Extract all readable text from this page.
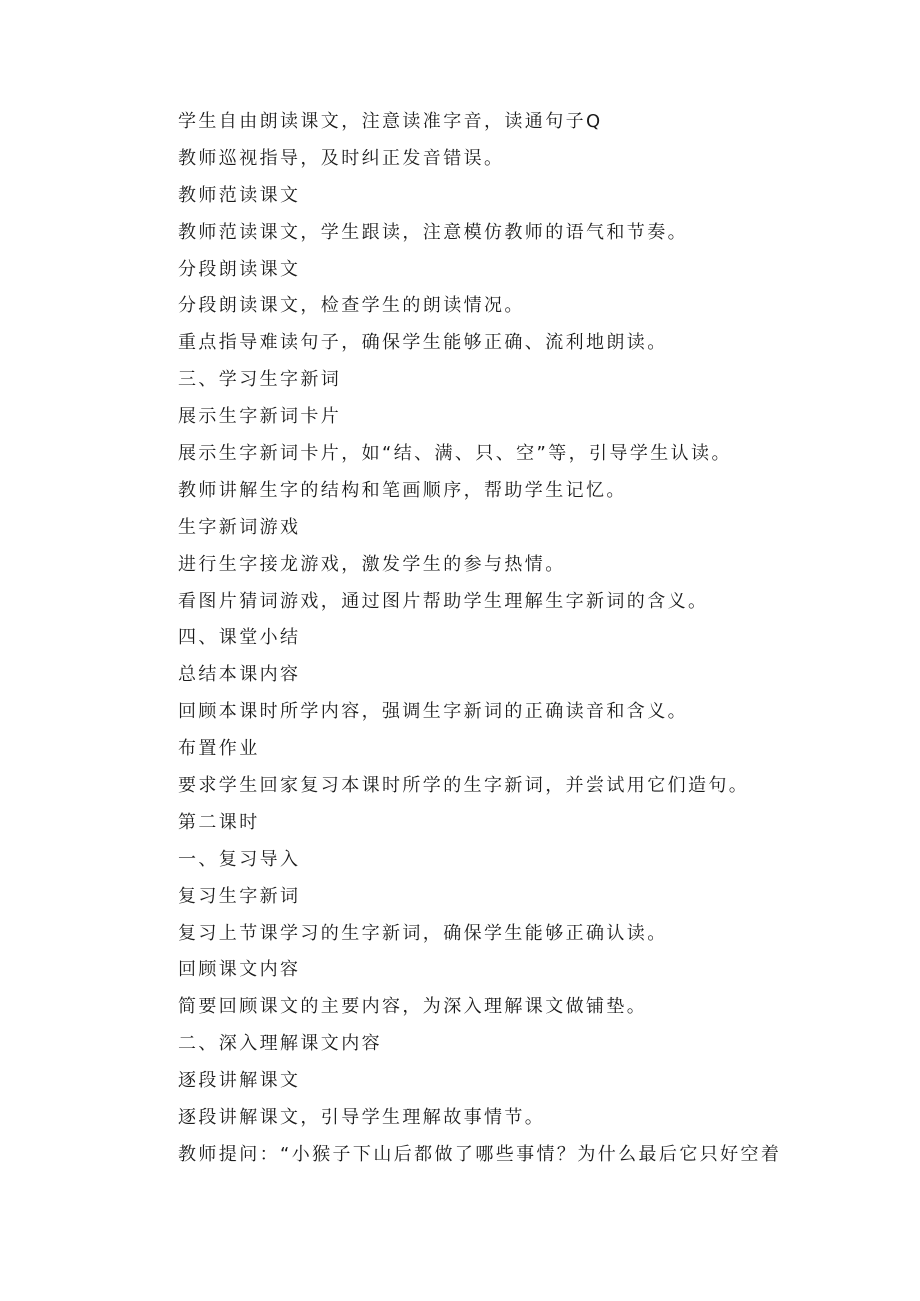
学生自由朗读课文，注意读准字音，读通句子Q

教师巡视指导，及时纠正发音错误。

教师范读课文

教师范读课文，学生跟读，注意模仿教师的语气和节奏。

分段朗读课文

分段朗读课文，检查学生的朗读情况。

重点指导难读句子，确保学生能够正确、流利地朗读。

三、学习生字新词

展示生字新词卡片

展示生字新词卡片，如“结、满、只、空”等，引导学生认读。

教师讲解生字的结构和笔画顺序，帮助学生记忆。

生字新词游戏

进行生字接龙游戏，激发学生的参与热情。

看图片猜词游戏，通过图片帮助学生理解生字新词的含义。

四、课堂小结

总结本课内容

回顾本课时所学内容，强调生字新词的正确读音和含义。

布置作业

要求学生回家复习本课时所学的生字新词，并尝试用它们造句。

第二课时

一、复习导入

复习生字新词

复习上节课学习的生字新词，确保学生能够正确认读。

回顾课文内容

简要回顾课文的主要内容，为深入理解课文做铺垫。

二、深入理解课文内容

逐段讲解课文

逐段讲解课文，引导学生理解故事情节。

教师提问：“小猴子下山后都做了哪些事情？为什么最后它只好空着
